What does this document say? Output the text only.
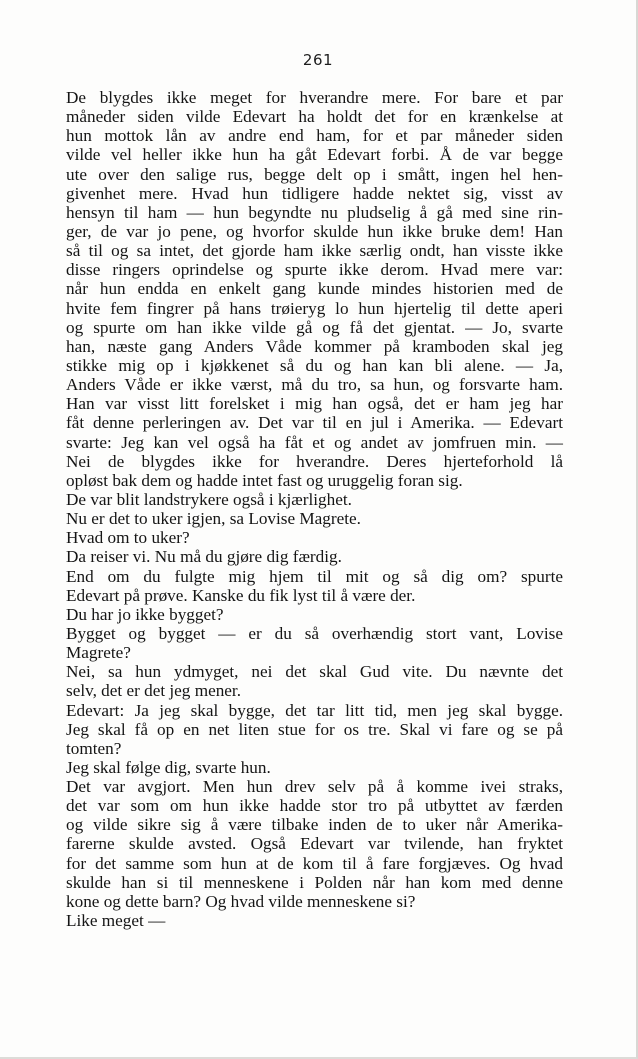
261
De blygdes ikke meget for hverandre mere. For bare et par
måneder siden vilde Edevart ha holdt det for en krænkelse at
hun mottok lån av andre end ham, for et par måneder siden
vilde vel heller ikke hun ha gåt Edevart forbi. Å de var begge
ute over den salige rus, begge delt op i smått, ingen hel hen-
givenhet mere. Hvad hun tidligere hadde nektet sig, visst av
hensyn til ham — hun begyndte nu pludselig å gå med sine rin-
ger, de var jo pene, og hvorfor skulde hun ikke bruke dem! Han
så til og sa intet, det gjorde ham ikke særlig ondt, han visste ikke
disse ringers oprindelse og spurte ikke derom. Hvad mere var:
når hun endda en enkelt gang kunde mindes historien med de
hvite fem fingrer på hans trøieryg lo hun hjertelig til dette aperi
og spurte om han ikke vilde gå og få det gjentat. — Jo, svarte
han, næste gang Anders Våde kommer på kramboden skal jeg
stikke mig op i kjøkkenet så du og han kan bli alene. — Ja,
Anders Våde er ikke værst, må du tro, sa hun, og forsvarte ham.
Han var visst litt forelsket i mig han også, det er ham jeg har
fåt denne perleringen av. Det var til en jul i Amerika. — Edevart
svarte: Jeg kan vel også ha fåt et og andet av jomfruen min. —
Nei de blygdes ikke for hverandre. Deres hjerteforhold lå
opløst bak dem og hadde intet fast og uruggelig foran sig.
De var blit landstrykere også i kjærlighet.
Nu er det to uker igjen, sa Lovise Magrete.
Hvad om to uker?
Da reiser vi. Nu må du gjøre dig færdig.
End om du fulgte mig hjem til mit og så dig om? spurte
Edevart på prøve. Kanske du fik lyst til å være der.
Du har jo ikke bygget?
Bygget og bygget — er du så overhændig stort vant, Lovise
Magrete?
Nei, sa hun ydmyget, nei det skal Gud vite. Du nævnte det
selv, det er det jeg mener.
Edevart: Ja jeg skal bygge, det tar litt tid, men jeg skal bygge.
Jeg skal få op en net liten stue for os tre. Skal vi fare og se på
tomten?
Jeg skal følge dig, svarte hun.
Det var avgjort. Men hun drev selv på å komme ivei straks,
det var som om hun ikke hadde stor tro på utbyttet av færden
og vilde sikre sig å være tilbake inden de to uker når Amerika-
farerne skulde avsted. Også Edevart var tvilende, han fryktet
for det samme som hun at de kom til å fare forgjæves. Og hvad
skulde han si til menneskene i Polden når han kom med denne
kone og dette barn? Og hvad vilde menneskene si?
Like meget —
